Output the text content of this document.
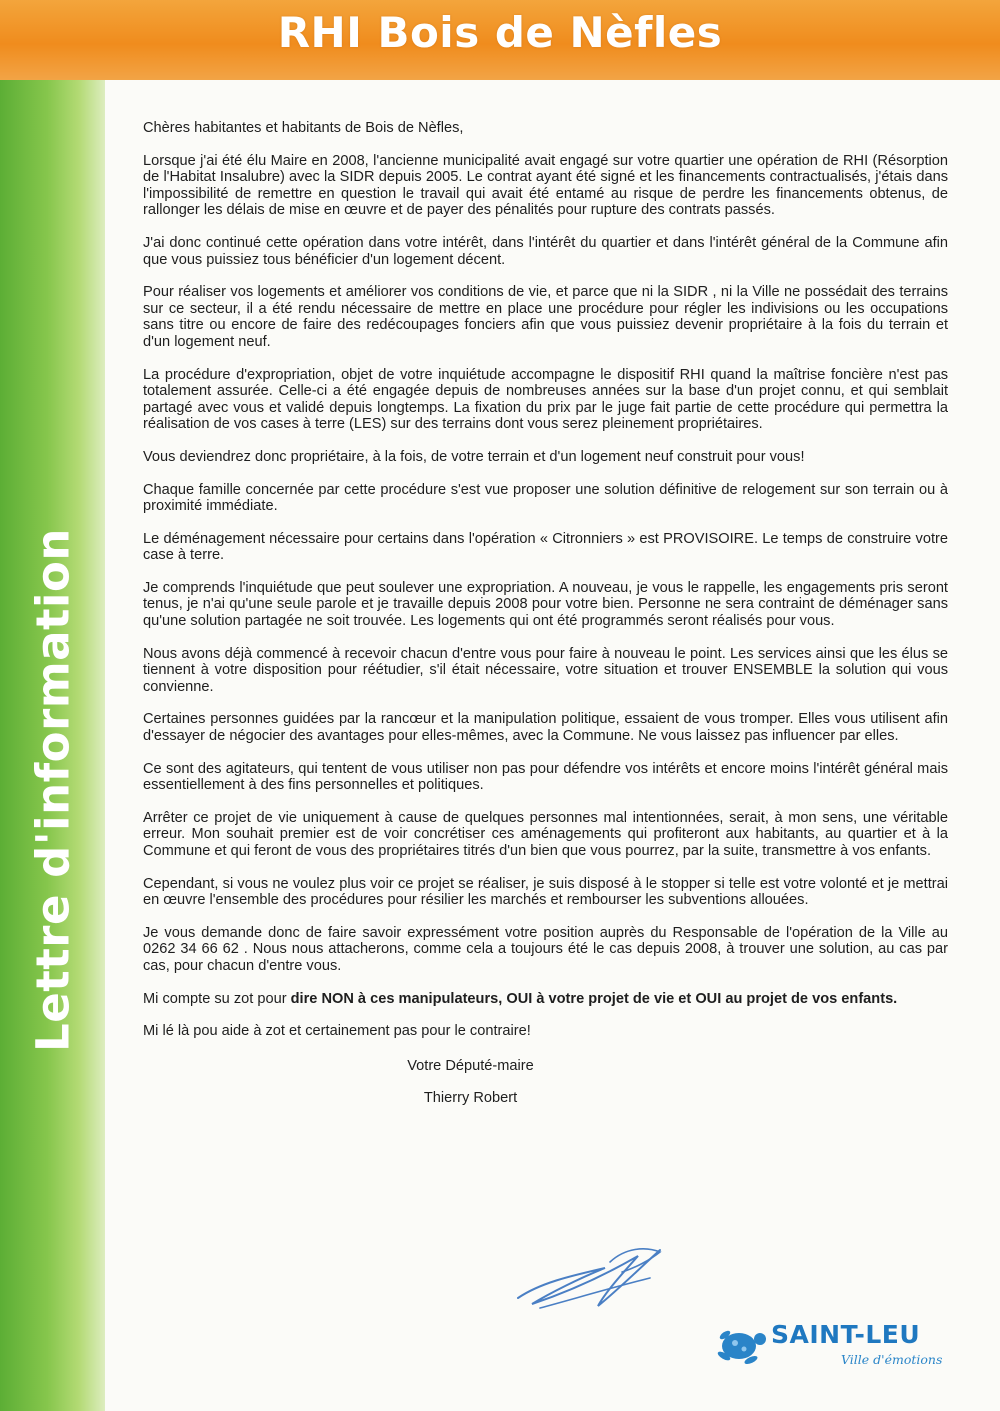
RHI Bois de Nèfles
Lettre d'information

Chères habitantes et habitants de Bois de Nèfles,

Lorsque j'ai été élu Maire en 2008, l'ancienne municipalité avait engagé sur votre quartier une opération de RHI (Résorption de l'Habitat Insalubre) avec la SIDR depuis 2005. Le contrat ayant été signé et les financements contractualisés, j'étais dans l'impossibilité de remettre en question le travail qui avait été entamé au risque de perdre les financements obtenus, de rallonger les délais de mise en œuvre et de payer des pénalités pour rupture des contrats passés.

J'ai donc continué cette opération dans votre intérêt, dans l'intérêt du quartier et dans l'intérêt général de la Commune afin que vous puissiez tous bénéficier d'un logement décent.

Pour réaliser vos logements et améliorer vos conditions de vie, et parce que ni la SIDR , ni la Ville ne possédait des terrains sur ce secteur, il a été rendu nécessaire de mettre en place une procédure pour régler les indivisions ou les occupations sans titre ou encore de faire des redécoupages fonciers afin que vous puissiez devenir propriétaire à la fois du terrain et d'un logement neuf.

La procédure d'expropriation, objet de votre inquiétude accompagne le dispositif RHI quand la maîtrise foncière n'est pas totalement assurée. Celle-ci a été engagée depuis de nombreuses années sur la base d'un projet connu, et qui semblait partagé avec vous et validé depuis longtemps. La fixation du prix par le juge fait partie de cette procédure qui permettra la réalisation de vos cases à terre (LES) sur des terrains dont vous serez pleinement propriétaires.

Vous deviendrez donc propriétaire, à la fois, de votre terrain et d'un logement neuf construit pour vous!

Chaque famille concernée par cette procédure s'est vue proposer une solution définitive de relogement sur son terrain ou à proximité immédiate.

Le déménagement nécessaire pour certains dans l'opération « Citronniers » est PROVISOIRE. Le temps de construire votre case à terre.

Je comprends l'inquiétude que peut soulever une expropriation. A nouveau, je vous le rappelle, les engagements pris seront tenus, je n'ai qu'une seule parole et je travaille depuis 2008 pour votre bien. Personne ne sera contraint de déménager sans qu'une solution partagée ne soit trouvée. Les logements qui ont été programmés seront réalisés pour vous.

Nous avons déjà commencé à recevoir chacun d'entre vous pour faire à nouveau le point. Les services ainsi que les élus se tiennent à votre disposition pour réétudier, s'il était nécessaire, votre situation et trouver ENSEMBLE la solution qui vous convienne.

Certaines personnes guidées par la rancœur et la manipulation politique, essaient de vous tromper. Elles vous utilisent afin d'essayer de négocier des avantages pour elles-mêmes, avec la Commune. Ne vous laissez pas influencer par elles.

Ce sont des agitateurs, qui tentent de vous utiliser non pas pour défendre vos intérêts et encore moins l'intérêt général mais essentiellement à des fins personnelles et politiques.

Arrêter ce projet de vie uniquement à cause de quelques personnes mal intentionnées, serait, à mon sens, une véritable erreur. Mon souhait premier est de voir concrétiser ces aménagements qui profiteront aux habitants, au quartier et à la Commune et qui feront de vous des propriétaires titrés d'un bien que vous pourrez, par la suite, transmettre à vos enfants.

Cependant, si vous ne voulez plus voir ce projet se réaliser, je suis disposé à le stopper si telle est votre volonté et je mettrai en œuvre l'ensemble des procédures pour résilier les marchés et rembourser les subventions allouées.

Je vous demande donc de faire savoir expressément votre position auprès du Responsable de l'opération de la Ville au 0262 34 66 62 . Nous nous attacherons, comme cela a toujours été le cas depuis 2008, à trouver une solution, au cas par cas, pour chacun d'entre vous.

Mi compte su zot pour dire NON à ces manipulateurs, OUI à votre projet de vie et OUI au projet de vos enfants.

Mi lé là pou aide à zot et certainement pas pour le contraire!

Votre Député-maire

Thierry Robert

SAINT-LEU
Ville d'émotions
